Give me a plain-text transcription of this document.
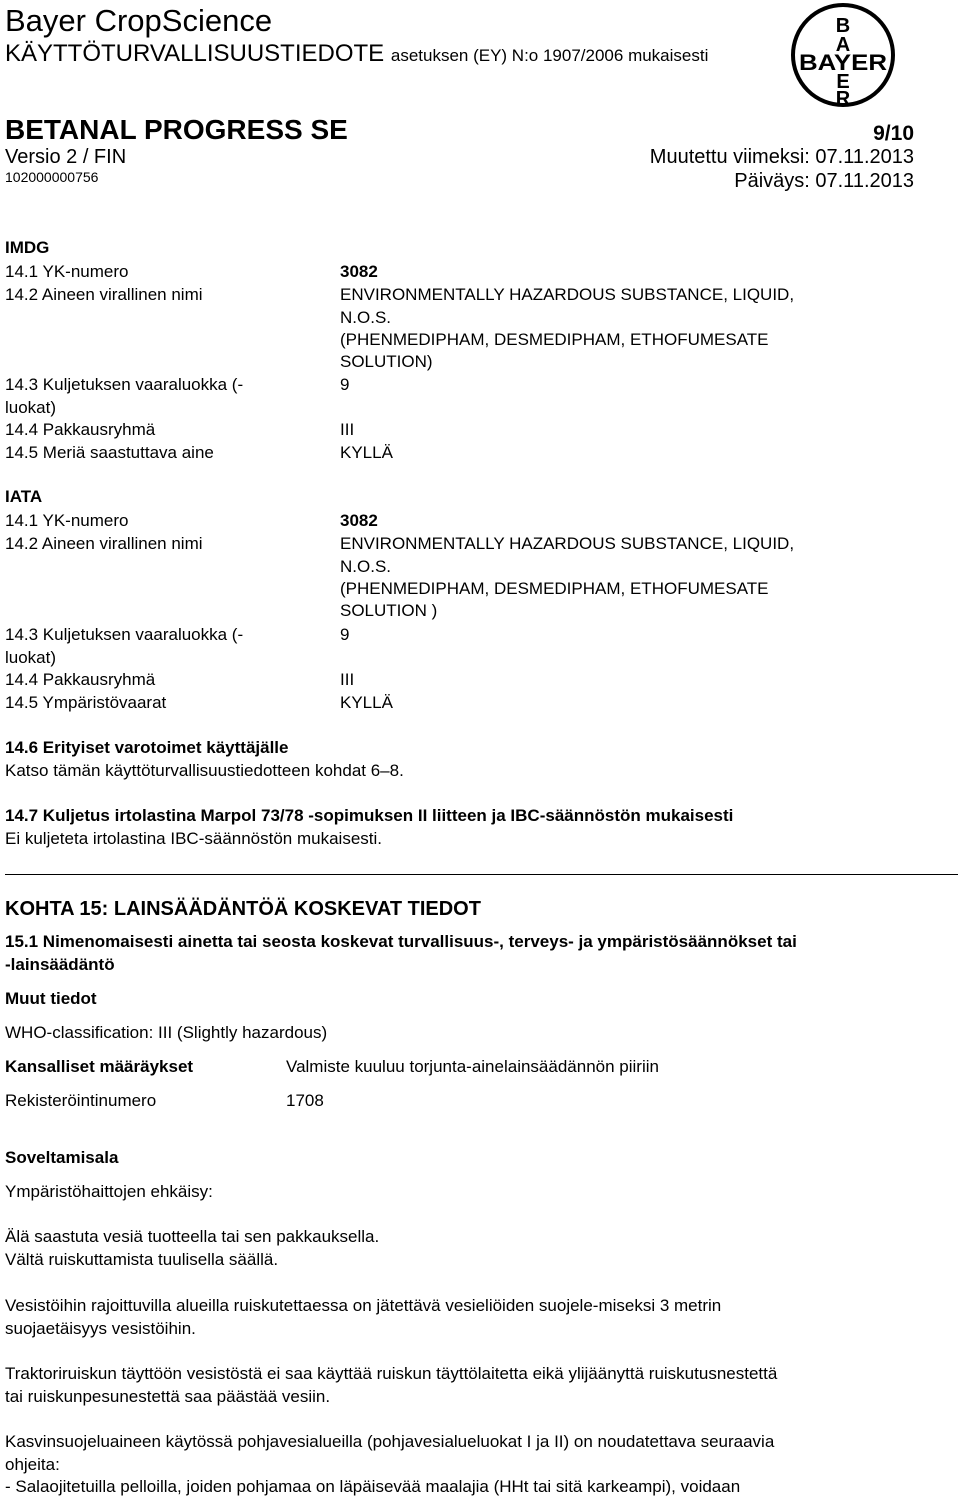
Bayer CropScience
KÄYTTÖTURVALLISUUSTIEDOTE asetuksen (EY) N:o 1907/2006 mukaisesti
B
A
BAYER
E
R
BETANAL PROGRESS SE	9/10
Versio 2 / FIN	Muutettu viimeksi: 07.11.2013
102000000756	Päiväys: 07.11.2013
IMDG
14.1 YK-numero	3082
14.2 Aineen virallinen nimi	ENVIRONMENTALLY HAZARDOUS SUBSTANCE, LIQUID,
N.O.S.
(PHENMEDIPHAM, DESMEDIPHAM, ETHOFUMESATE
SOLUTION)
14.3 Kuljetuksen vaaraluokka (-	9
luokat)
14.4 Pakkausryhmä	III
14.5 Meriä saastuttava aine	KYLLÄ
IATA
14.1 YK-numero	3082
14.2 Aineen virallinen nimi	ENVIRONMENTALLY HAZARDOUS SUBSTANCE, LIQUID,
N.O.S.
(PHENMEDIPHAM, DESMEDIPHAM, ETHOFUMESATE
SOLUTION )
14.3 Kuljetuksen vaaraluokka (-	9
luokat)
14.4 Pakkausryhmä	III
14.5 Ympäristövaarat	KYLLÄ
14.6 Erityiset varotoimet käyttäjälle
Katso tämän käyttöturvallisuustiedotteen kohdat 6–8.
14.7 Kuljetus irtolastina Marpol 73/78 -sopimuksen II liitteen ja IBC-säännöstön mukaisesti
Ei kuljeteta irtolastina IBC-säännöstön mukaisesti.
KOHTA 15: LAINSÄÄDÄNTÖÄ KOSKEVAT TIEDOT
15.1 Nimenomaisesti ainetta tai seosta koskevat turvallisuus-, terveys- ja ympäristösäännökset tai
-lainsäädäntö
Muut tiedot
WHO-classification: III (Slightly hazardous)
Kansalliset määräykset	Valmiste kuuluu torjunta-ainelainsäädännön piiriin
Rekisteröintinumero	1708
Soveltamisala
Ympäristöhaittojen ehkäisy:
Älä saastuta vesiä tuotteella tai sen pakkauksella.
Vältä ruiskuttamista tuulisella säällä.
Vesistöihin rajoittuvilla alueilla ruiskutettaessa on jätettävä vesieliöiden suojele-miseksi 3 metrin
suojaetäisyys vesistöihin.
Traktoriruiskun täyttöön vesistöstä ei saa käyttää ruiskun täyttölaitetta eikä ylijäänyttä ruiskutusnestettä
tai ruiskunpesunestettä saa päästää vesiin.
Kasvinsuojeluaineen käytössä pohjavesialueilla (pohjavesialueluokat I ja II) on noudatettava seuraavia
ohjeita:
- Salaojitetuilla pelloilla, joiden pohjamaa on läpäisevää maalajia (HHt tai sitä karkeampi), voidaan
